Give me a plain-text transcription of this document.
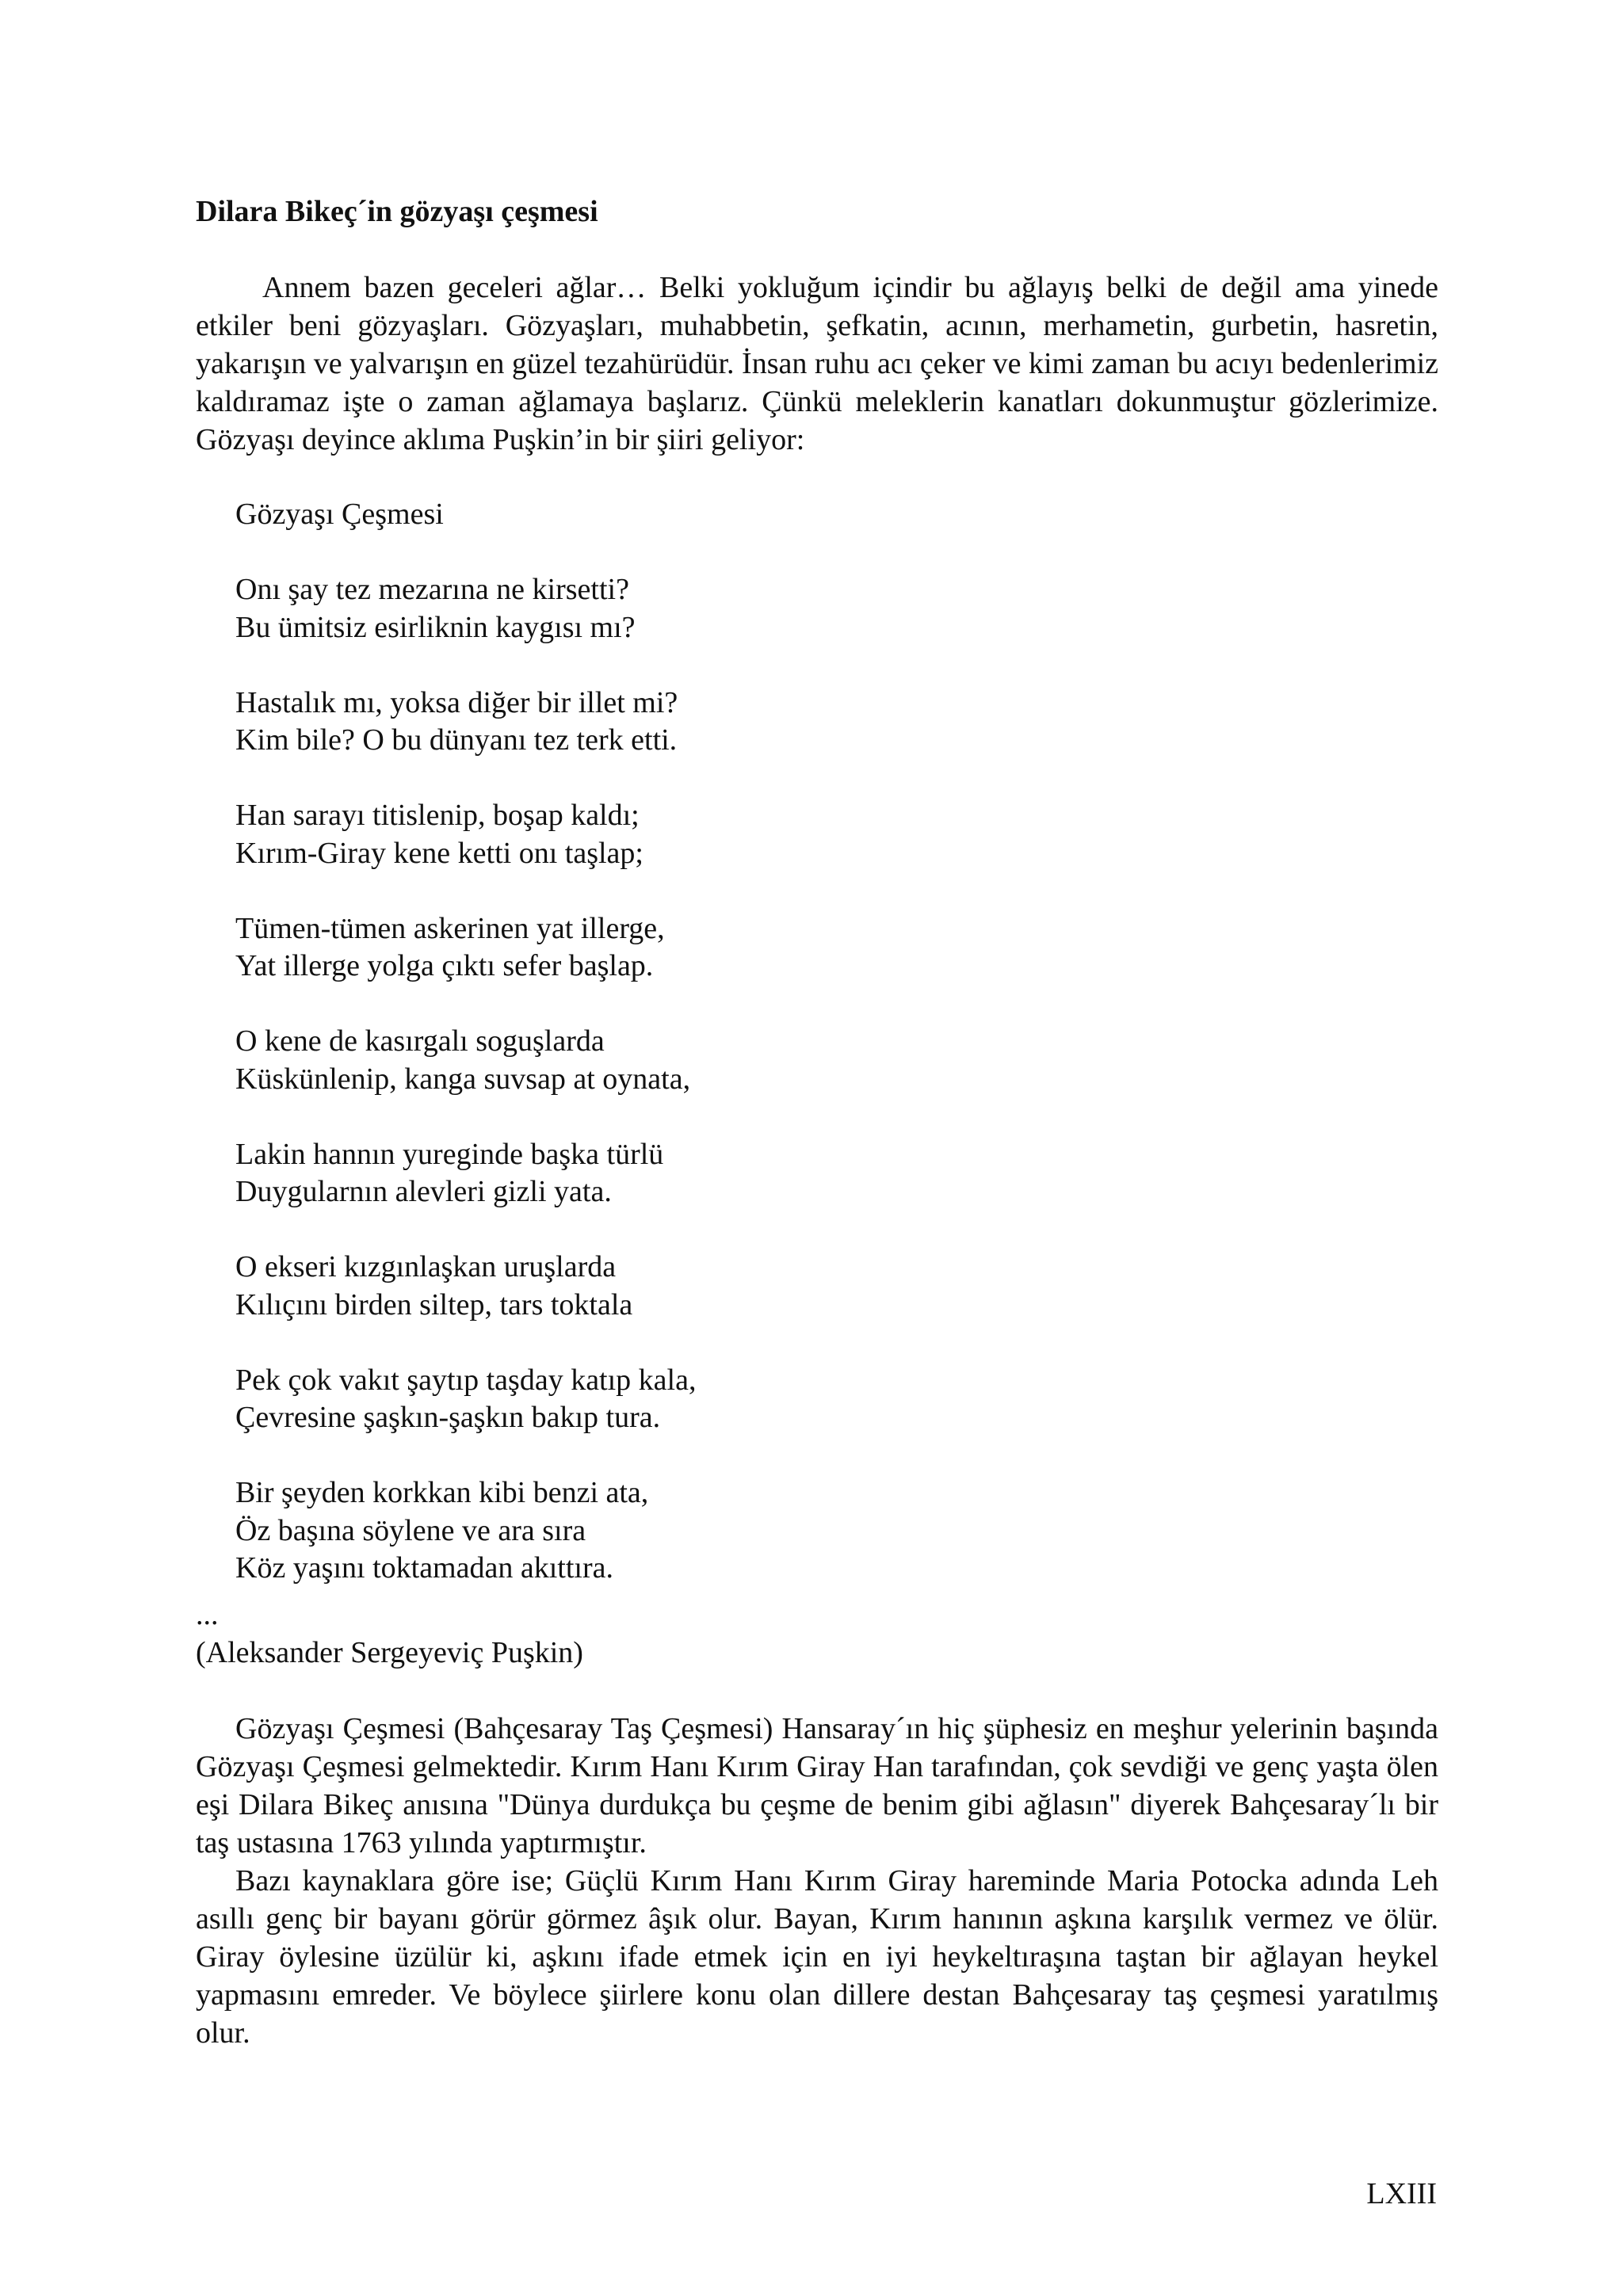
Dilara Bikeç´in gözyaşı çeşmesi

Annem bazen geceleri ağlar… Belki yokluğum içindir bu ağlayış belki de değil ama yinede etkiler beni gözyaşları. Gözyaşları, muhabbetin, şefkatin, acının, merhametin, gurbetin, hasretin, yakarışın ve yalvarışın en güzel tezahürüdür. İnsan ruhu acı çeker ve kimi zaman bu acıyı bedenlerimiz kaldıramaz işte o zaman ağlamaya başlarız. Çünkü meleklerin kanatları dokunmuştur gözlerimize. Gözyaşı deyince aklıma Puşkin’in bir şiiri geliyor:

Gözyaşı Çeşmesi
Onı şay tez mezarına ne kirsetti?
Bu ümitsiz esirliknin kaygısı mı?
Hastalık mı, yoksa diğer bir illet mi?
Kim bile? O bu dünyanı tez terk etti.
Han sarayı titislenip, boşap kaldı;
Kırım-Giray kene ketti onı taşlap;
Tümen-tümen askerinen yat illerge,
Yat illerge yolga çıktı sefer başlap.
O kene de kasırgalı soguşlarda
Küskünlenip, kanga suvsap at oynata,
Lakin hannın yureginde başka türlü
Duygularnın alevleri gizli yata.
O ekseri kızgınlaşkan uruşlarda
Kılıçını birden siltep, tars toktala
Pek çok vakıt şaytıp taşday katıp kala,
Çevresine şaşkın-şaşkın bakıp tura.
Bir şeyden korkkan kibi benzi ata,
Öz başına söylene ve ara sıra
Köz yaşını toktamadan akıttıra.
...
(Aleksander Sergeyeviç Puşkin)

Gözyaşı Çeşmesi (Bahçesaray Taş Çeşmesi) Hansaray´ın hiç şüphesiz en meşhur yelerinin başında Gözyaşı Çeşmesi gelmektedir. Kırım Hanı Kırım Giray Han tarafından, çok sevdiği ve genç yaşta ölen eşi Dilara Bikeç anısına "Dünya durdukça bu çeşme de benim gibi ağlasın" diyerek Bahçesaray´lı bir taş ustasına 1763 yılında yaptırmıştır.

Bazı kaynaklara göre ise; Güçlü Kırım Hanı Kırım Giray hareminde Maria Potocka adında Leh asıllı genç bir bayanı görür görmez âşık olur. Bayan, Kırım hanının aşkına karşılık vermez ve ölür. Giray öylesine üzülür ki, aşkını ifade etmek için en iyi heykeltıraşına taştan bir ağlayan heykel yapmasını emreder. Ve böylece şiirlere konu olan dillere destan Bahçesaray taş çeşmesi yaratılmış olur.

LXIII
